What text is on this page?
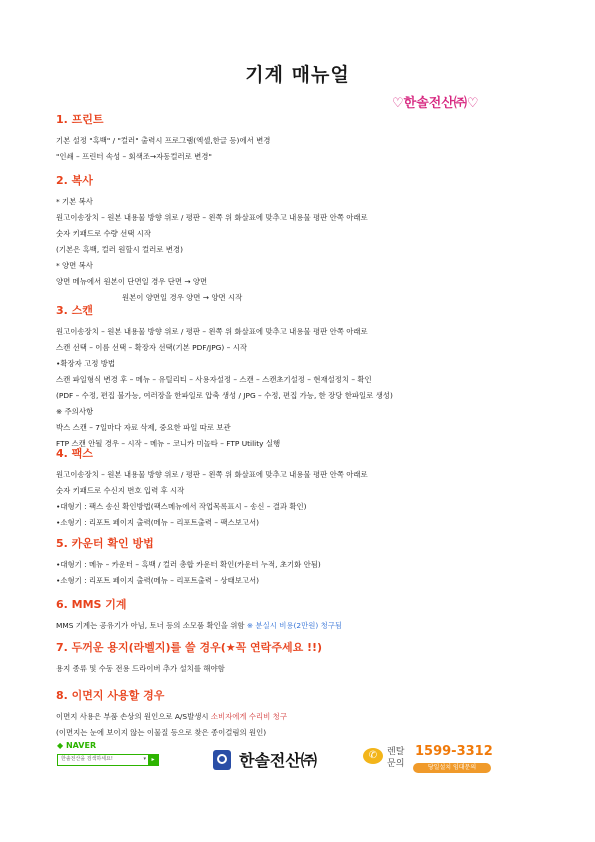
기계 매뉴얼
♡한솔전산㈜♡
1. 프린트
기본 설정 "흑백" / "컬러" 출력시 프로그램(엑셀,한글 등)에서 변경
"인쇄 – 프린터 속성 – 회색조→자동컬러로 변경"
2. 복사
* 기본 복사
원고이송장치 – 원본 내용물 방향 위로 / 평판 – 왼쪽 위 화살표에 맞추고 내용물 평판 안쪽 아래로
숫자 키패드로 수량 선택 시작
(기본은 흑백, 컬러 원할시 컬러로 변경)
* 양면 복사
양면 메뉴에서 원본이 단면일 경우 단면 → 양면
원본이 양면일 경우 양면 → 양면 시작
3. 스캔
원고이송장치 – 원본 내용물 방향 위로 / 평판 – 왼쪽 위 화살표에 맞추고 내용물 평판 안쪽 아래로
스캔 선택 – 이름 선택 – 확장자 선택(기본 PDF/JPG) – 시작
•확장자 고정 방법
스캔 파일형식 변경 후 – 메뉴 – 유틸리티 – 사용자설정 – 스캔 – 스캔초기설정 – 현재설정치 – 확인
(PDF – 수정, 편집 불가능, 여러장을 한파일로 압축 생성 / JPG – 수정, 편집 가능, 한 장당 한파일로 생성)
※ 주의사항
박스 스캔 – 7일마다 자료 삭제, 중요한 파일 따로 보관
FTP 스캔 안될 경우 – 시작 – 메뉴 – 코니카 미놀타 – FTP Utility 실행
4. 팩스
원고이송장치 – 원본 내용물 방향 위로 / 평판 – 왼쪽 위 화살표에 맞추고 내용물 평판 안쪽 아래로
숫자 키패드로 수신지 번호 입력 후 시작
•대형기 : 팩스 송신 확인방법(팩스메뉴에서 작업목록표시 – 송신 – 결과 확인)
•소형기 : 리포트 페이지 출력(메뉴 – 리포트출력 – 팩스보고서)
5. 카운터 확인 방법
•대형기 : 메뉴 – 카운터 – 흑백 / 컬러 총합 카운터 확인(카운터 누적, 초기화 안됨)
•소형기 : 리포트 페이지 출력(메뉴 – 리포트출력 – 상태보고서)
6. MMS 기계
MMS 기계는 공유기가 아님, 토너 등의 소모품 확인을 위함 ※ 분실시 비용(2만원) 청구됨
7. 두꺼운 용지(라벨지)를 쓸 경우(★꼭 연락주세요 !!)
용지 종류 및 수동 전용 드라이버 추가 설치를 해야함
8. 이면지 사용할 경우
이면지 사용은 부품 손상의 원인으로 A/S발생시 소비자에게 수리비 청구
(이면지는 눈에 보이지 않는 이물질 등으로 찾은 종이걸림의 원인)
◆ NAVER
한솔전산을 검색하세요!	▾ ▸	한솔전산㈜	✆	렌탈 문의
1599-3312
당일설치 임대문의
